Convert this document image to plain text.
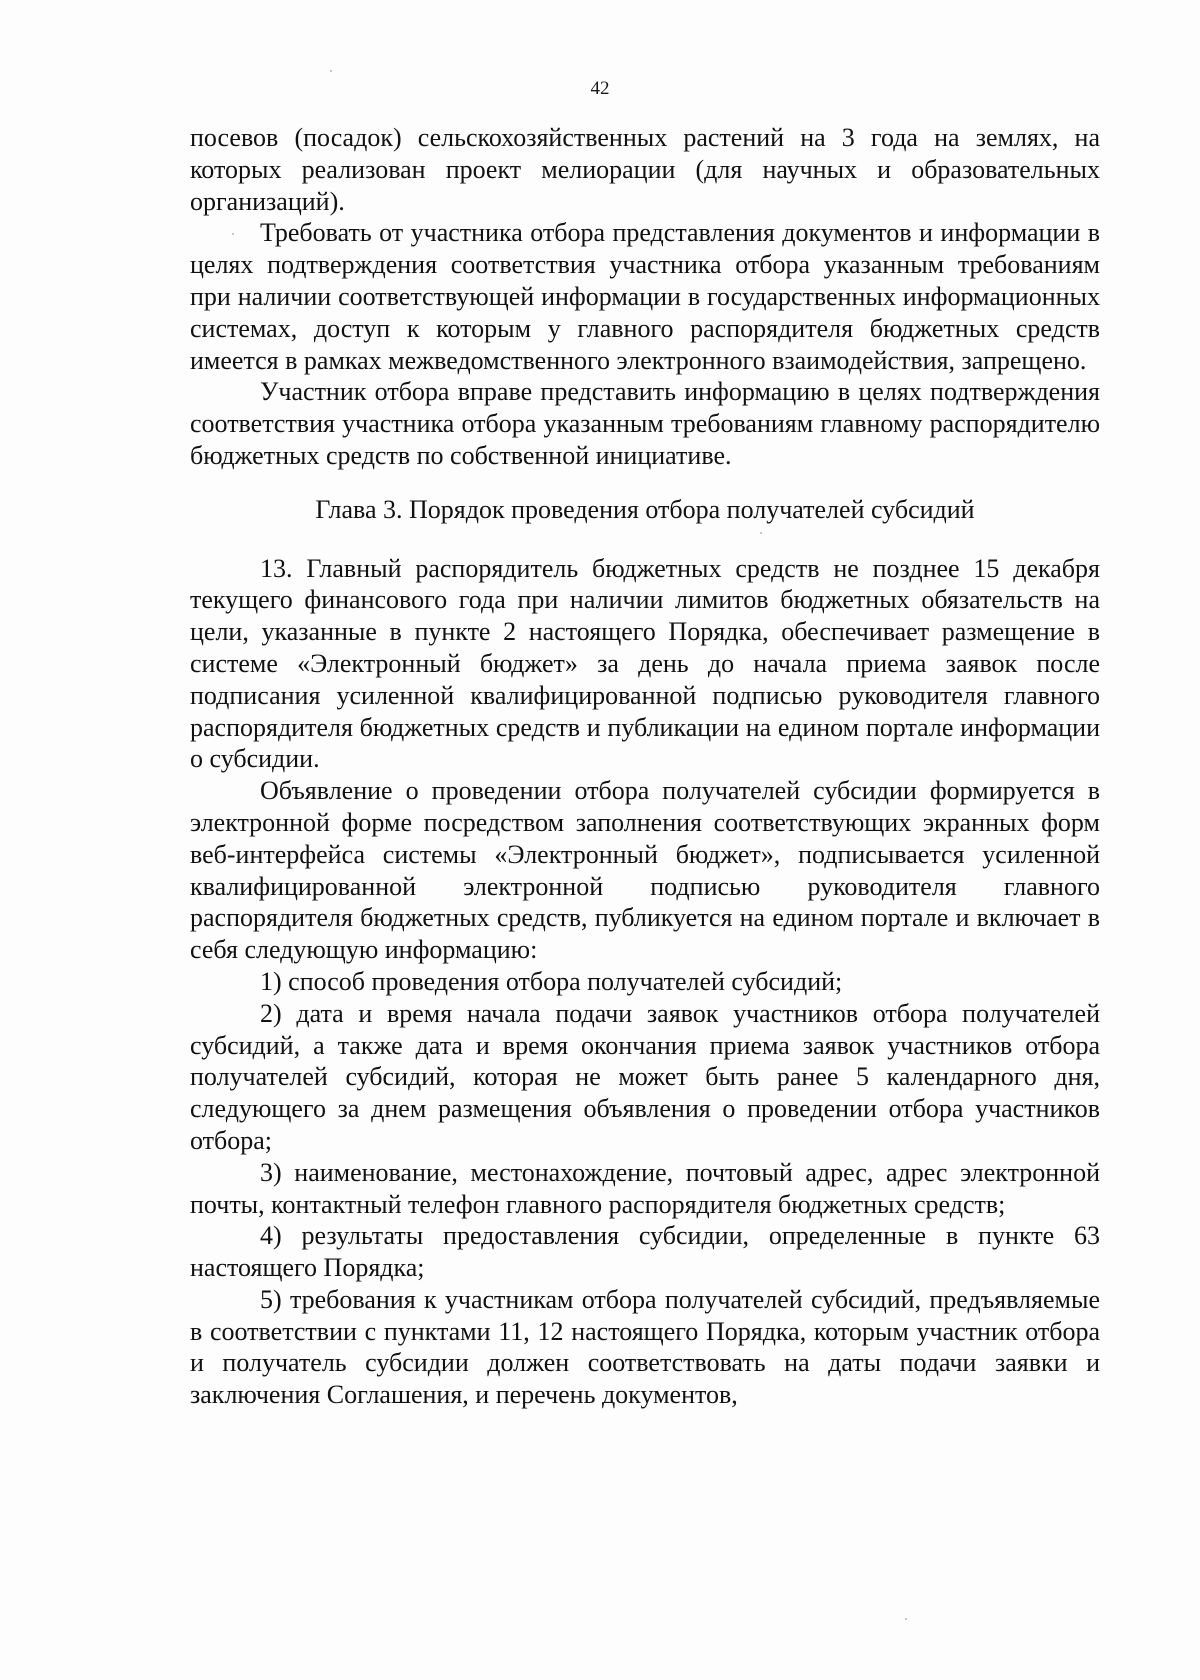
42

посевов (посадок) сельскохозяйственных растений на 3 года на землях, на которых реализован проект мелиорации (для научных и образовательных организаций).

Требовать от участника отбора представления документов и информации в целях подтверждения соответствия участника отбора указанным требованиям при наличии соответствующей информации в государственных информационных системах, доступ к которым у главного распорядителя бюджетных средств имеется в рамках межведомственного электронного взаимодействия, запрещено.

Участник отбора вправе представить информацию в целях подтверждения соответствия участника отбора указанным требованиям главному распорядителю бюджетных средств по собственной инициативе.

Глава 3. Порядок проведения отбора получателей субсидий

13. Главный распорядитель бюджетных средств не позднее 15 декабря текущего финансового года при наличии лимитов бюджетных обязательств на цели, указанные в пункте 2 настоящего Порядка, обеспечивает размещение в системе «Электронный бюджет» за день до начала приема заявок после подписания усиленной квалифицированной подписью руководителя главного распорядителя бюджетных средств и публикации на едином портале информации о субсидии.

Объявление о проведении отбора получателей субсидии формируется в электронной форме посредством заполнения соответствующих экранных форм веб-интерфейса системы «Электронный бюджет», подписывается усиленной квалифицированной электронной подписью руководителя главного распорядителя бюджетных средств, публикуется на едином портале и включает в себя следующую информацию:

1) способ проведения отбора получателей субсидий;

2) дата и время начала подачи заявок участников отбора получателей субсидий, а также дата и время окончания приема заявок участников отбора получателей субсидий, которая не может быть ранее 5 календарного дня, следующего за днем размещения объявления о проведении отбора участников отбора;

3) наименование, местонахождение, почтовый адрес, адрес электронной почты, контактный телефон главного распорядителя бюджетных средств;

4) результаты предоставления субсидии, определенные в пункте 63 настоящего Порядка;

5) требования к участникам отбора получателей субсидий, предъявляемые в соответствии с пунктами 11, 12 настоящего Порядка, которым участник отбора и получатель субсидии должен соответствовать на даты подачи заявки и заключения Соглашения, и перечень документов,
